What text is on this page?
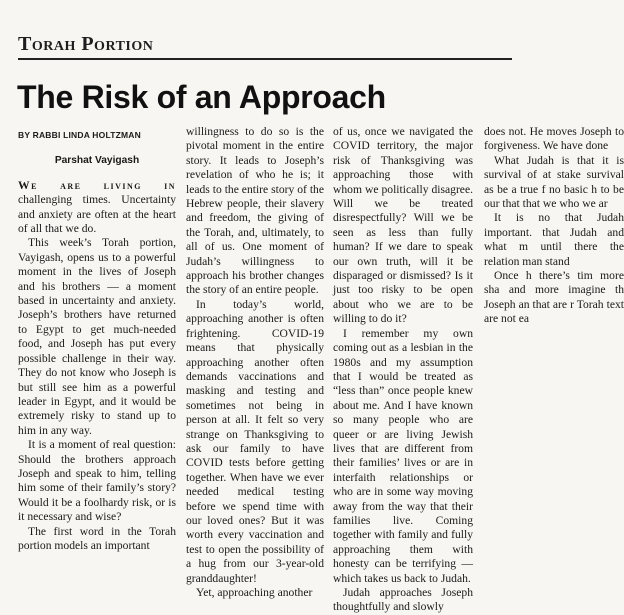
Torah Portion
The Risk of an Approach
BY RABBI LINDA HOLTZMAN
Parshat Vayigash

We are living in challenging times. Uncertainty and anxiety are often at the heart of all that we do.

This week’s Torah portion, Vayigash, opens us to a powerful moment in the lives of Joseph and his brothers — a moment based in uncertainty and anxiety. Joseph’s brothers have returned to Egypt to get much-needed food, and Joseph has put every possible challenge in their way. They do not know who Joseph is but still see him as a powerful leader in Egypt, and it would be extremely risky to stand up to him in any way.

It is a moment of real question: Should the brothers approach Joseph and speak to him, telling him some of their family’s story? Would it be a foolhardy risk, or is it necessary and wise?

The first word in the Torah portion models an important

willingness to do so is the pivotal moment in the entire story. It leads to Joseph’s revelation of who he is; it leads to the entire story of the Hebrew people, their slavery and freedom, the giving of the Torah, and, ultimately, to all of us. One moment of Judah’s willingness to approach his brother changes the story of an entire people.

In today’s world, approaching another is often frightening. COVID-19 means that physically approaching another often demands vaccinations and masking and testing and sometimes not being in person at all. It felt so very strange on Thanksgiving to ask our family to have COVID tests before getting together. When have we ever needed medical testing before we spend time with our loved ones? But it was worth every vaccination and test to open the possibility of a hug from our 3-year-old granddaughter!

Yet, approaching another

of us, once we navigated the COVID territory, the major risk of Thanksgiving was approaching those with whom we politically disagree. Will we be treated disrespectfully? Will we be seen as less than fully human? If we dare to speak our own truth, will it be disparaged or dismissed? Is it just too risky to be open about who we are to be willing to do it?

I remember my own coming out as a lesbian in the 1980s and my assumption that I would be treated as “less than” once people knew about me. And I have known so many people who are queer or are living Jewish lives that are different from their families’ lives or are in interfaith relationships or who are in some way moving away from the way that their families live. Coming together with family and fully approaching them with honesty can be terrifying — which takes us back to Judah.

Judah approaches Joseph thoughtfully and slowly

does not. He moves Joseph to forgiveness. We have done

What Judah is that it is survival of at stake survival as be a true f no basic h to be our that that we who we ar

It is no that Judah important. that Judah and what m until there the relation man stand

Once h there’s tim more sha and more imagine th Joseph an that are r Torah text are not ea
